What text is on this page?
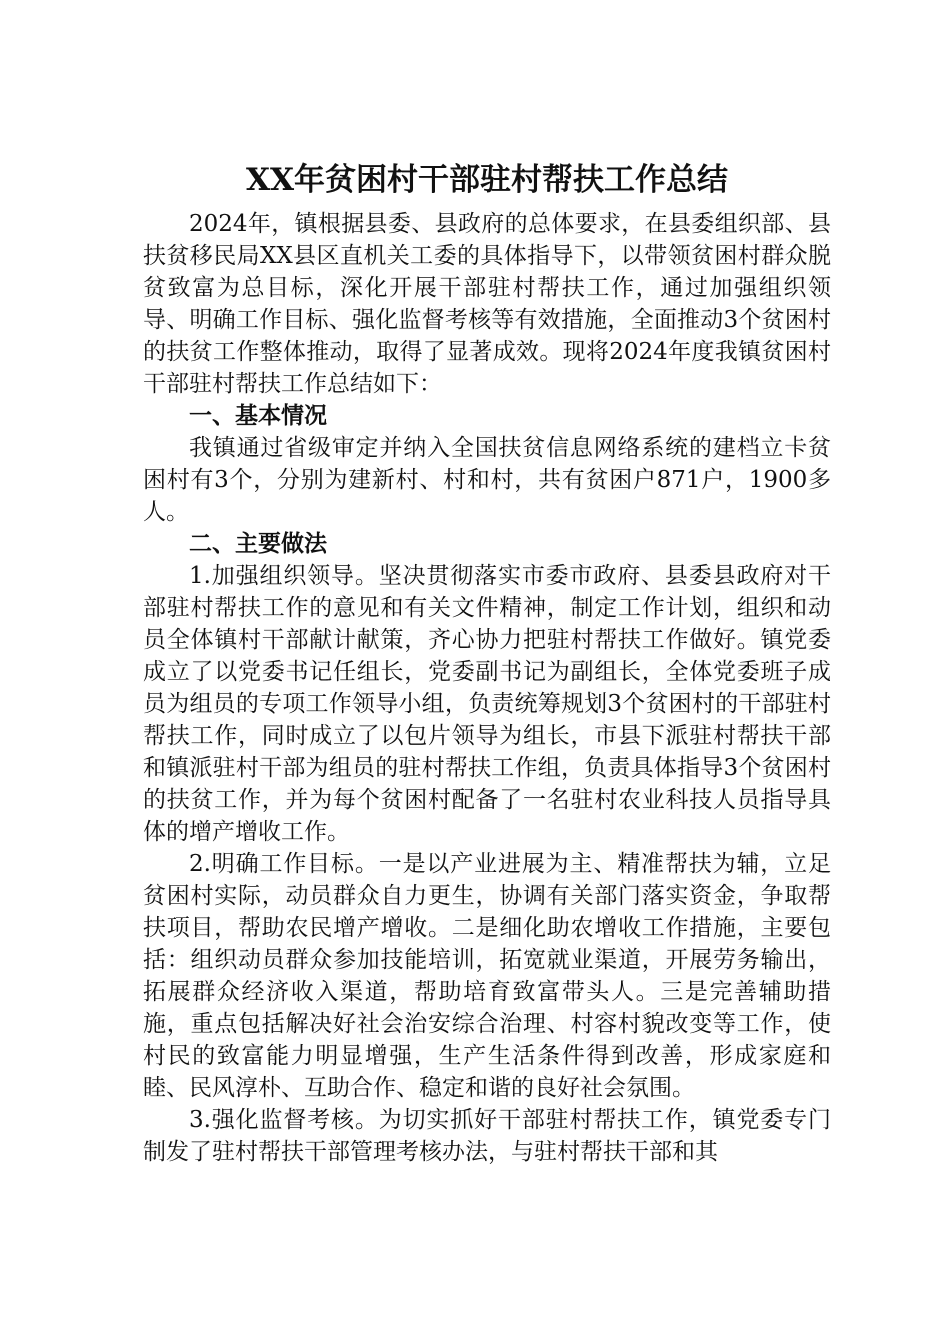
XX年贫困村干部驻村帮扶工作总结

2024年，镇根据县委、县政府的总体要求，在县委组织部、县扶贫移民局XX县区直机关工委的具体指导下，以带领贫困村群众脱贫致富为总目标，深化开展干部驻村帮扶工作，通过加强组织领导、明确工作目标、强化监督考核等有效措施，全面推动3个贫困村的扶贫工作整体推动，取得了显著成效。现将2024年度我镇贫困村干部驻村帮扶工作总结如下：

一、基本情况

我镇通过省级审定并纳入全国扶贫信息网络系统的建档立卡贫困村有3个，分别为建新村、村和村，共有贫困户871户，1900多人。

二、主要做法

1.加强组织领导。坚决贯彻落实市委市政府、县委县政府对干部驻村帮扶工作的意见和有关文件精神，制定工作计划，组织和动员全体镇村干部献计献策，齐心协力把驻村帮扶工作做好。镇党委成立了以党委书记任组长，党委副书记为副组长，全体党委班子成员为组员的专项工作领导小组，负责统筹规划3个贫困村的干部驻村帮扶工作，同时成立了以包片领导为组长，市县下派驻村帮扶干部和镇派驻村干部为组员的驻村帮扶工作组，负责具体指导3个贫困村的扶贫工作，并为每个贫困村配备了一名驻村农业科技人员指导具体的增产增收工作。

2.明确工作目标。一是以产业进展为主、精准帮扶为辅，立足贫困村实际，动员群众自力更生，协调有关部门落实资金，争取帮扶项目，帮助农民增产增收。二是细化助农增收工作措施，主要包括：组织动员群众参加技能培训，拓宽就业渠道，开展劳务输出，拓展群众经济收入渠道，帮助培育致富带头人。三是完善辅助措施，重点包括解决好社会治安综合治理、村容村貌改变等工作，使村民的致富能力明显增强，生产生活条件得到改善，形成家庭和睦、民风淳朴、互助合作、稳定和谐的良好社会氛围。

3.强化监督考核。为切实抓好干部驻村帮扶工作，镇党委专门制发了驻村帮扶干部管理考核办法，与驻村帮扶干部和其
